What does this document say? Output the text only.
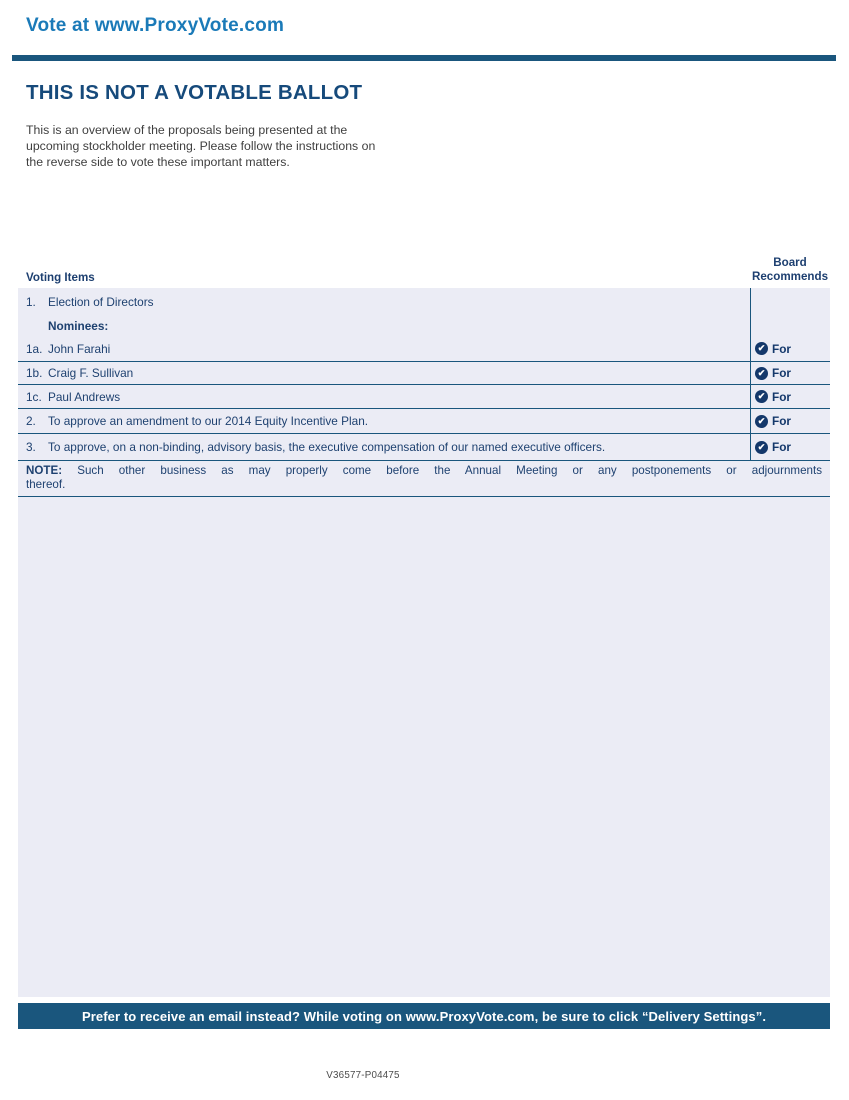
Vote at www.ProxyVote.com
THIS IS NOT A VOTABLE BALLOT
This is an overview of the proposals being presented at the
upcoming stockholder meeting. Please follow the instructions on
the reverse side to vote these important matters.
Voting Items
Board
Recommends
1.	Election of Directors
Nominees:
1a. John Farahi	✔ For
1b. Craig F. Sullivan	✔ For
1c. Paul Andrews	✔ For
2.	To approve an amendment to our 2014 Equity Incentive Plan.	✔ For
3.	To approve, on a non-binding, advisory basis, the executive compensation of our named executive officers.	✔ For
NOTE: Such other business as may properly come before the Annual Meeting or any postponements or adjournments
thereof.
Prefer to receive an email instead? While voting on www.ProxyVote.com, be sure to click “Delivery Settings”.
V36577-P04475
